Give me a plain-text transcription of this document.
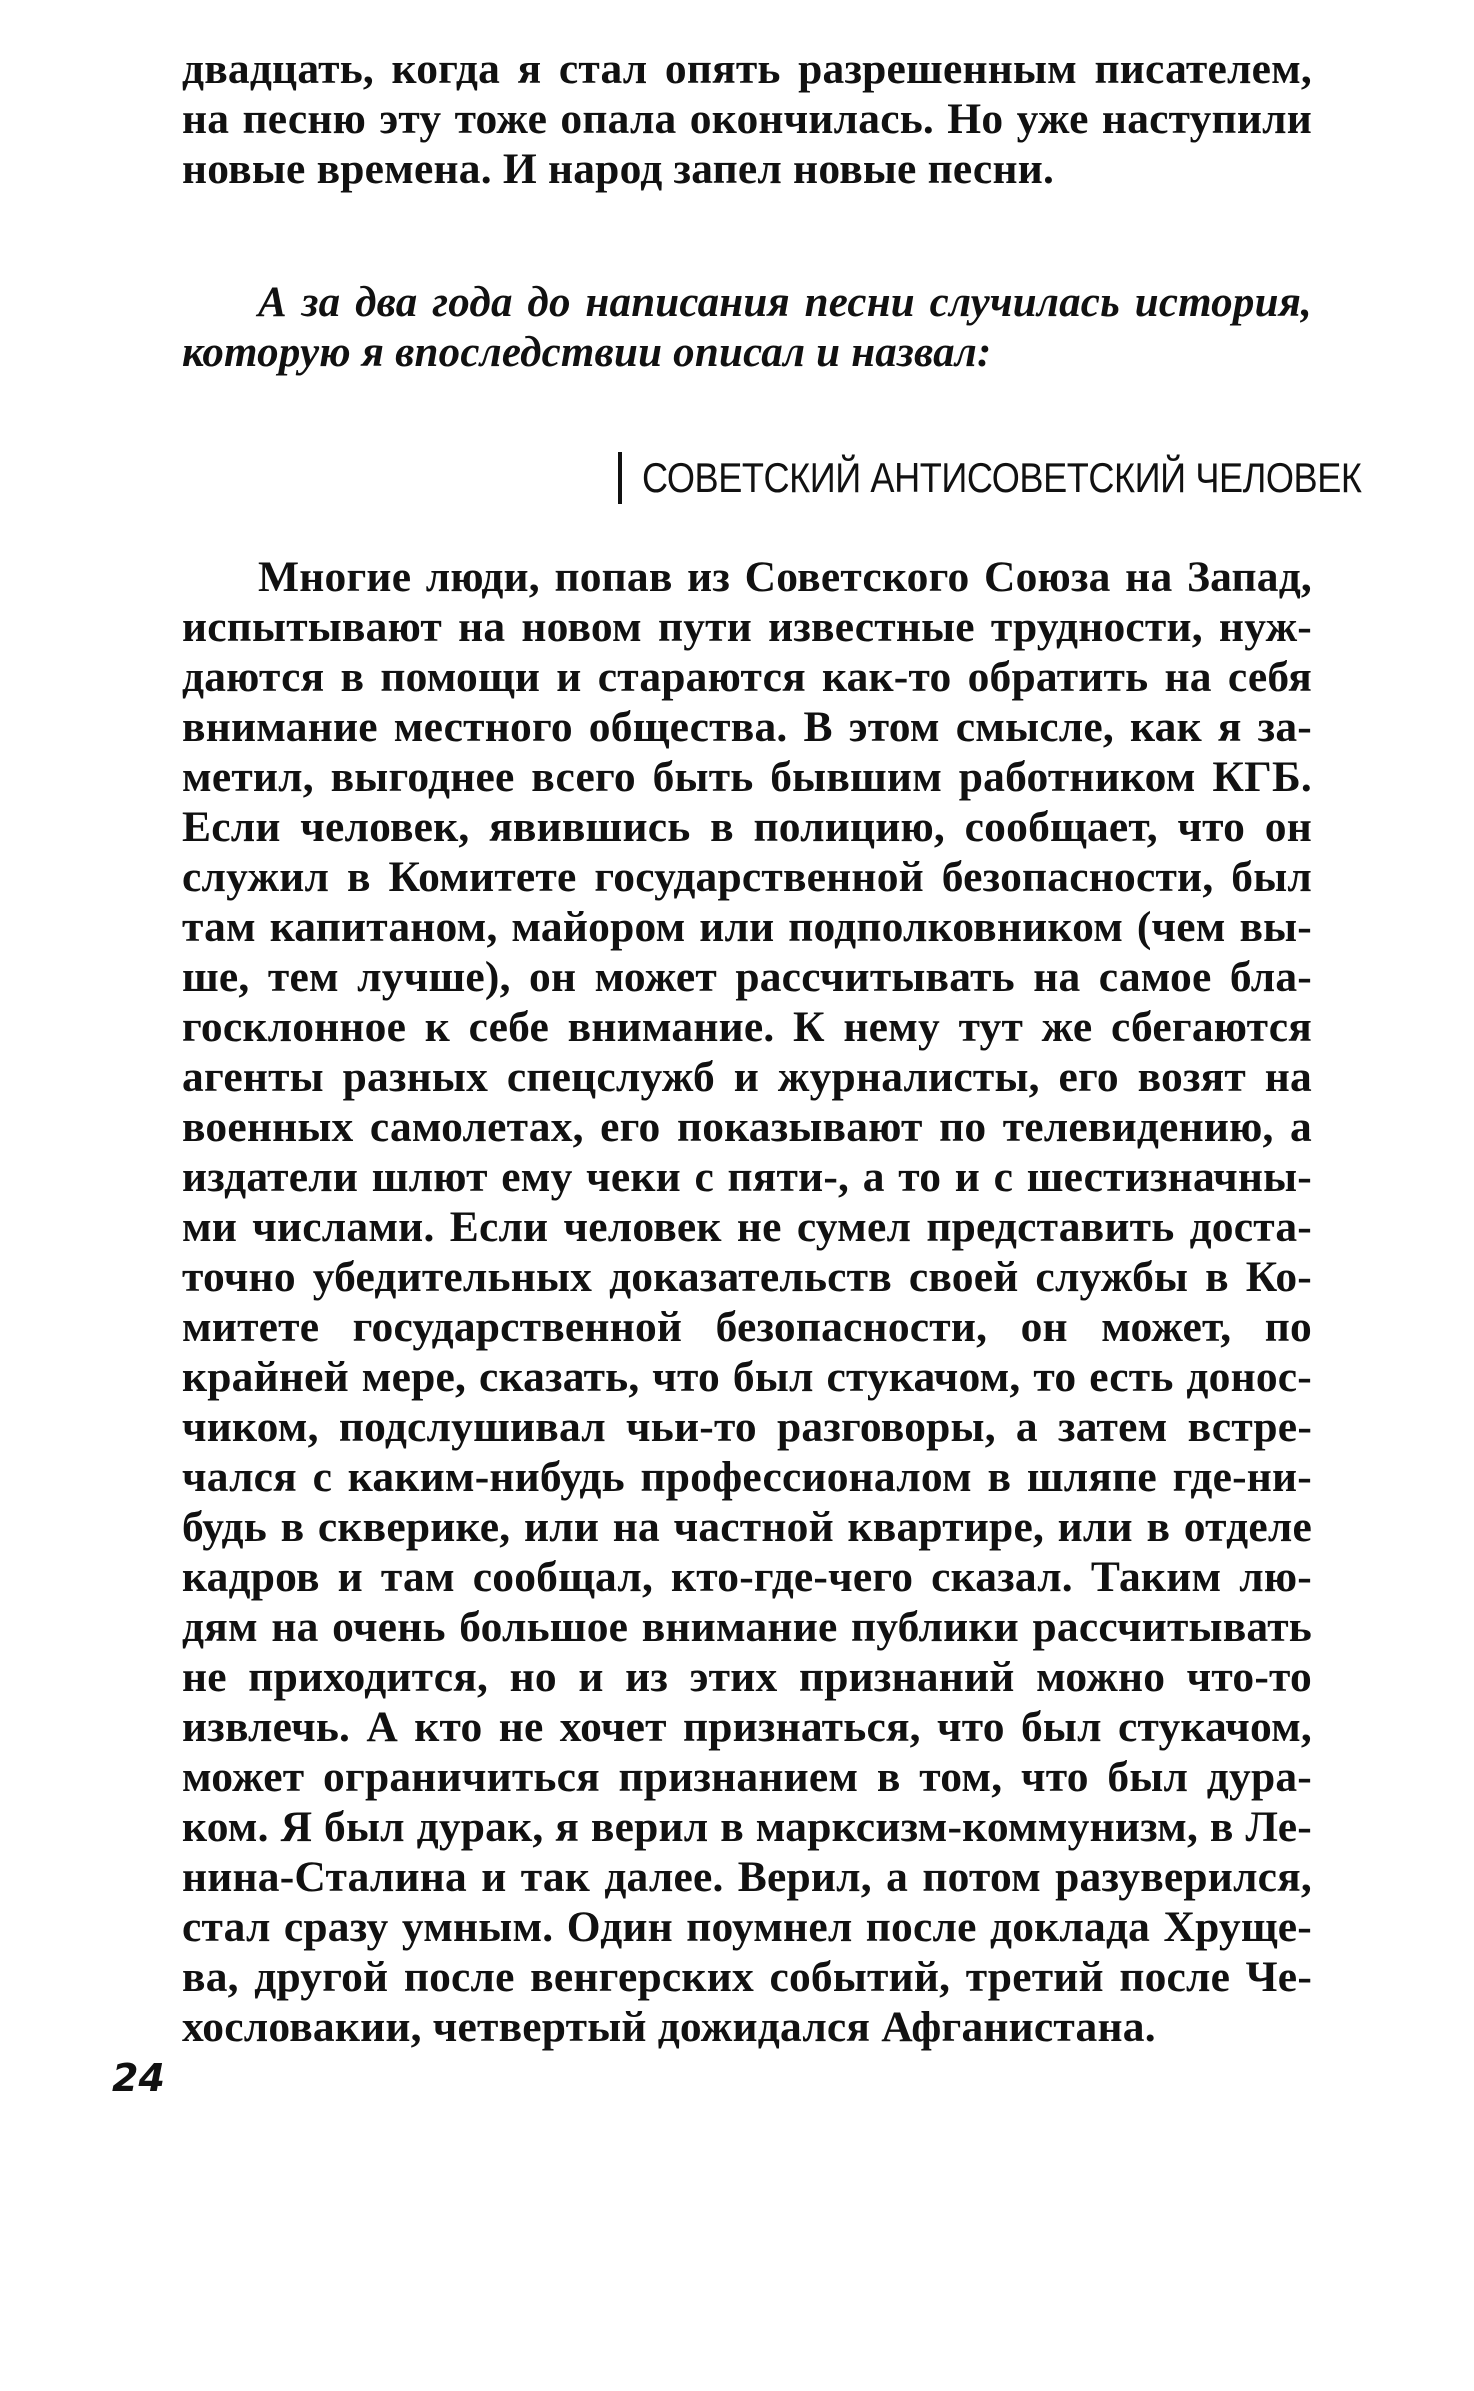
двадцать, когда я стал опять разрешенным писателем,
на песню эту тоже опала окончилась. Но уже наступили
новые времена. И народ запел новые песни.
А за два года до написания песни случилась история,
которую я впоследствии описал и назвал:
СОВЕТСКИЙ АНТИСОВЕТСКИЙ ЧЕЛОВЕК
Многие люди, попав из Советского Союза на Запад,
испытывают на новом пути известные трудности, нуж-
даются в помощи и стараются как-то обратить на себя
внимание местного общества. В этом смысле, как я за-
метил, выгоднее всего быть бывшим работником КГБ.
Если человек, явившись в полицию, сообщает, что он
служил в Комитете государственной безопасности, был
там капитаном, майором или подполковником (чем вы-
ше, тем лучше), он может рассчитывать на самое бла-
госклонное к себе внимание. К нему тут же сбегаются
агенты разных спецслужб и журналисты, его возят на
военных самолетах, его показывают по телевидению, а
издатели шлют ему чеки с пяти-, а то и с шестизначны-
ми числами. Если человек не сумел представить доста-
точно убедительных доказательств своей службы в Ко-
митете государственной безопасности, он может, по
крайней мере, сказать, что был стукачом, то есть донос-
чиком, подслушивал чьи-то разговоры, а затем встре-
чался с каким-нибудь профессионалом в шляпе где-ни-
будь в скверике, или на частной квартире, или в отделе
кадров и там сообщал, кто-где-чего сказал. Таким лю-
дям на очень большое внимание публики рассчитывать
не приходится, но и из этих признаний можно что-то
извлечь. А кто не хочет признаться, что был стукачом,
может ограничиться признанием в том, что был дура-
ком. Я был дурак, я верил в марксизм-коммунизм, в Ле-
нина-Сталина и так далее. Верил, а потом разуверился,
стал сразу умным. Один поумнел после доклада Хруще-
ва, другой после венгерских событий, третий после Че-
хословакии, четвертый дожидался Афганистана.
24
